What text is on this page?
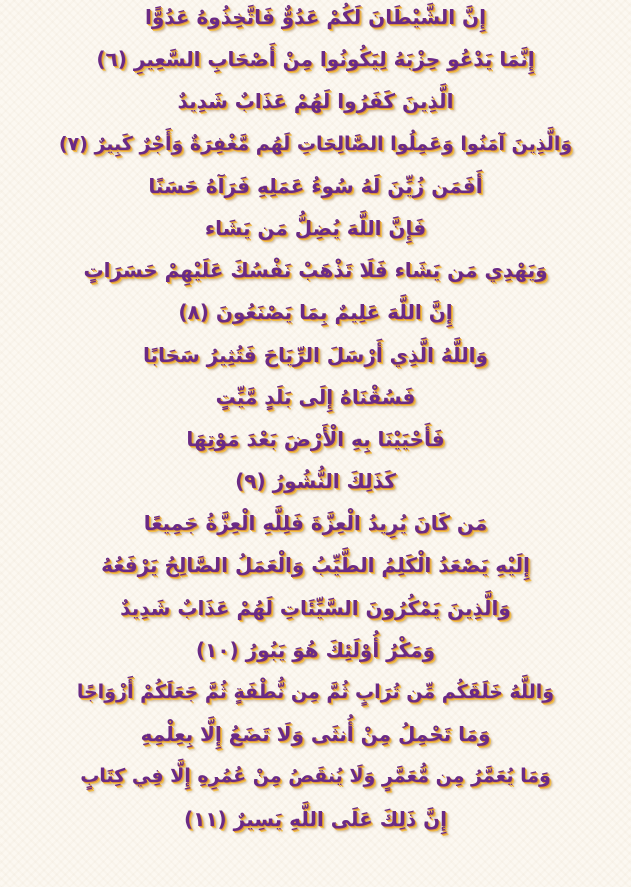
إِنَّ الشَّيْطَانَ لَكُمْ عَدُوٌّ فَاتَّخِذُوهُ عَدُوًّا
إِنَّمَا يَدْعُو حِزْبَهُ لِيَكُونُوا مِنْ أَصْحَابِ السَّعِيرِ (٦)
الَّذِينَ كَفَرُوا لَهُمْ عَذَابٌ شَدِيدٌ
وَالَّذِينَ آمَنُوا وَعَمِلُوا الصَّالِحَاتِ لَهُم مَّغْفِرَةٌ وَأَجْرٌ كَبِيرٌ (٧)
أَفَمَن زُيِّنَ لَهُ سُوءُ عَمَلِهِ فَرَآهُ حَسَنًا
فَإِنَّ اللَّهَ يُضِلُّ مَن يَشَاء
وَيَهْدِي مَن يَشَاء فَلَا تَذْهَبْ نَفْسُكَ عَلَيْهِمْ حَسَرَاتٍ
إِنَّ اللَّهَ عَلِيمٌ بِمَا يَصْنَعُونَ (٨)
وَاللَّهُ الَّذِي أَرْسَلَ الرِّيَاحَ فَتُثِيرُ سَحَابًا
فَسُقْنَاهُ إِلَى بَلَدٍ مَّيِّتٍ
فَأَحْيَيْنَا بِهِ الْأَرْضَ بَعْدَ مَوْتِهَا
كَذَلِكَ النُّشُورُ (٩)
مَن كَانَ يُرِيدُ الْعِزَّةَ فَلِلَّهِ الْعِزَّةُ جَمِيعًا
إِلَيْهِ يَصْعَدُ الْكَلِمُ الطَّيِّبُ وَالْعَمَلُ الصَّالِحُ يَرْفَعُهُ
وَالَّذِينَ يَمْكُرُونَ السَّيِّئَاتِ لَهُمْ عَذَابٌ شَدِيدٌ
وَمَكْرُ أُوْلَئِكَ هُوَ يَبُورُ (١٠)
وَاللَّهُ خَلَقَكُم مِّن تُرَابٍ ثُمَّ مِن نُّطْفَةٍ ثُمَّ جَعَلَكُمْ أَزْوَاجًا
وَمَا تَحْمِلُ مِنْ أُنثَى وَلَا تَضَعُ إِلَّا بِعِلْمِهِ
وَمَا يُعَمَّرُ مِن مُّعَمَّرٍ وَلَا يُنقَصُ مِنْ عُمُرِهِ إِلَّا فِي كِتَابٍ
إِنَّ ذَلِكَ عَلَى اللَّهِ يَسِيرٌ (١١)
